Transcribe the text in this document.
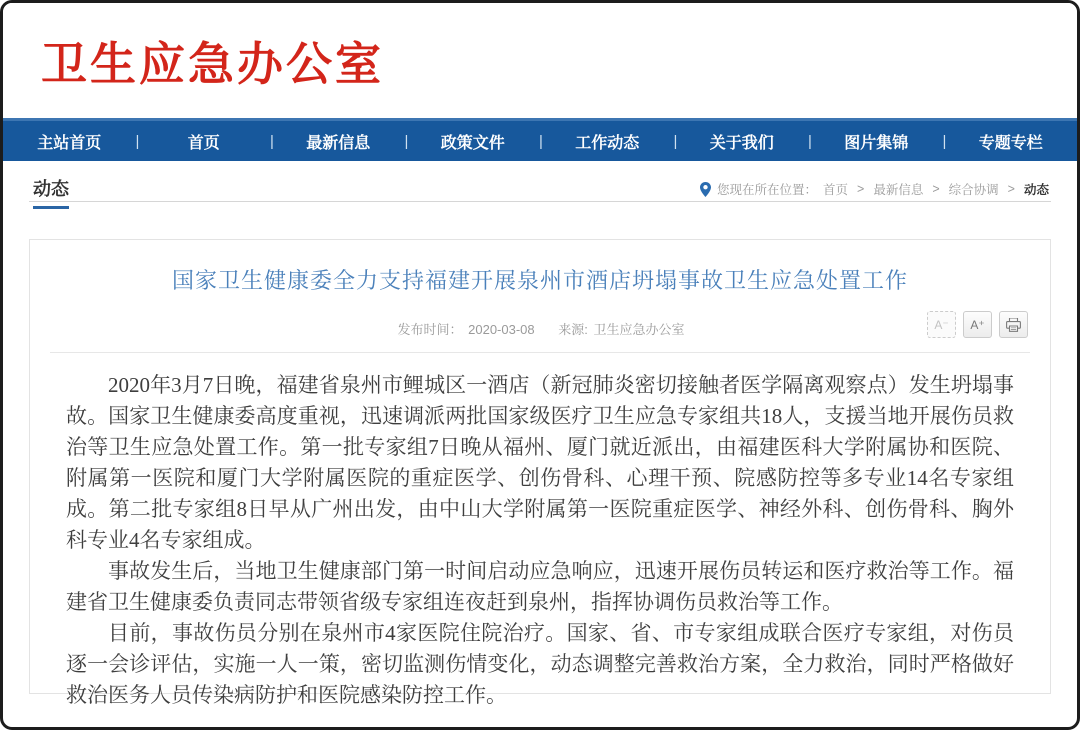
卫生应急办公室
主站首页	|	首页	|	最新信息	|	政策文件	|	工作动态	|	关于我们	|	图片集锦	|	专题专栏
动态	您现在所在位置： 首页 > 最新信息 > 综合协调 > 动态
国家卫生健康委全力支持福建开展泉州市酒店坍塌事故卫生应急处置工作
发布时间： 2020-03-08 来源: 卫生应急办公室	A⁻	A⁺

2020年3月7日晚，福建省泉州市鲤城区一酒店（新冠肺炎密切接触者医学隔离观察点）发生坍塌事故。国家卫生健康委高度重视，迅速调派两批国家级医疗卫生应急专家组共18人，支援当地开展伤员救治等卫生应急处置工作。第一批专家组7日晚从福州、厦门就近派出，由福建医科大学附属协和医院、附属第一医院和厦门大学附属医院的重症医学、创伤骨科、心理干预、院感防控等多专业14名专家组成。第二批专家组8日早从广州出发，由中山大学附属第一医院重症医学、神经外科、创伤骨科、胸外科专业4名专家组成。

事故发生后，当地卫生健康部门第一时间启动应急响应，迅速开展伤员转运和医疗救治等工作。福建省卫生健康委负责同志带领省级专家组连夜赶到泉州，指挥协调伤员救治等工作。

目前，事故伤员分别在泉州市4家医院住院治疗。国家、省、市专家组成联合医疗专家组，对伤员逐一会诊评估，实施一人一策，密切监测伤情变化，动态调整完善救治方案，全力救治，同时严格做好救治医务人员传染病防护和医院感染防控工作。
